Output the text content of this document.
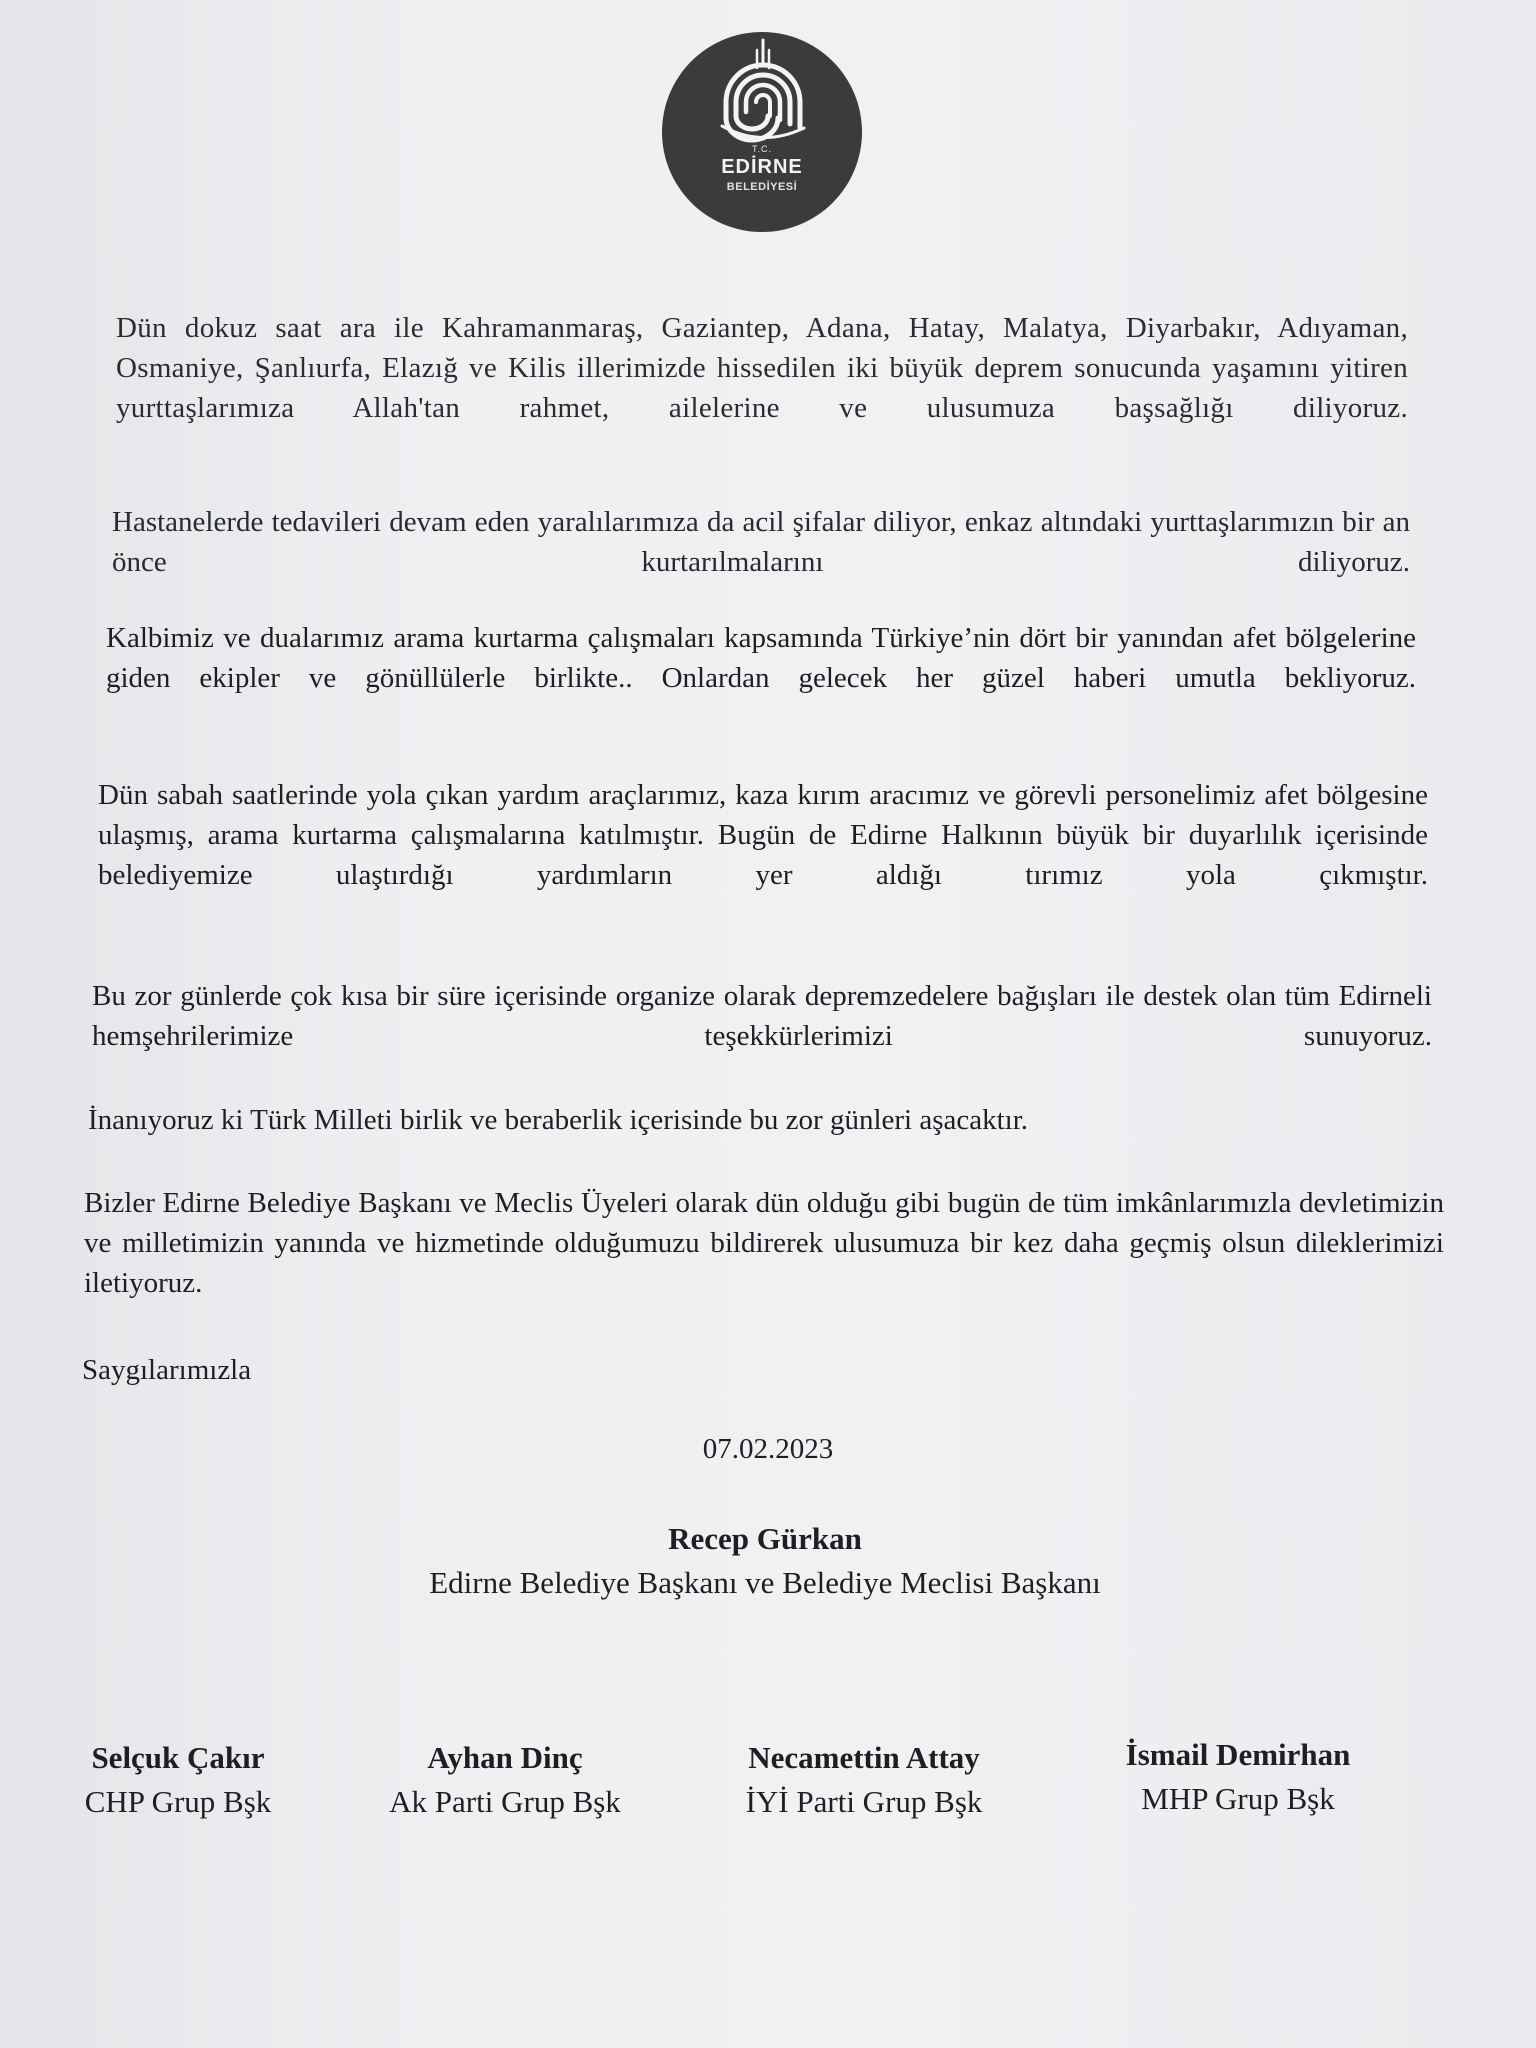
T.C.
EDİRNE
BELEDİYESİ

Dün dokuz saat ara ile Kahramanmaraş, Gaziantep, Adana, Hatay, Malatya, Diyarbakır, Adıyaman, Osmaniye, Şanlıurfa, Elazığ ve Kilis illerimizde hissedilen iki büyük deprem sonucunda yaşamını yitiren yurttaşlarımıza Allah'tan rahmet, ailelerine ve ulusumuza başsağlığı diliyoruz.

Hastanelerde tedavileri devam eden yaralılarımıza da acil şifalar diliyor, enkaz altındaki yurttaşlarımızın bir an önce kurtarılmalarını diliyoruz.

Kalbimiz ve dualarımız arama kurtarma çalışmaları kapsamında Türkiye’nin dört bir yanından afet bölgelerine giden ekipler ve gönüllülerle birlikte.. Onlardan gelecek her güzel haberi umutla bekliyoruz.

Dün sabah saatlerinde yola çıkan yardım araçlarımız, kaza kırım aracımız ve görevli personelimiz afet bölgesine ulaşmış, arama kurtarma çalışmalarına katılmıştır. Bugün de Edirne Halkının büyük bir duyarlılık içerisinde belediyemize ulaştırdığı yardımların yer aldığı tırımız yola çıkmıştır.

Bu zor günlerde çok kısa bir süre içerisinde organize olarak depremzedelere bağışları ile destek olan tüm Edirneli hemşehrilerimize teşekkürlerimizi sunuyoruz.

İnanıyoruz ki Türk Milleti birlik ve beraberlik içerisinde bu zor günleri aşacaktır.

Bizler Edirne Belediye Başkanı ve Meclis Üyeleri olarak dün olduğu gibi bugün de tüm imkânlarımızla devletimizin ve milletimizin yanında ve hizmetinde olduğumuzu bildirerek ulusumuza bir kez daha geçmiş olsun dileklerimizi iletiyoruz.

Saygılarımızla

07.02.2023
Recep Gürkan
Edirne Belediye Başkanı ve Belediye Meclisi Başkanı
Selçuk Çakır
CHP Grup Bşk
Ayhan Dinç
Ak Parti Grup Bşk
Necamettin Attay
İYİ Parti Grup Bşk
İsmail Demirhan
MHP Grup Bşk
